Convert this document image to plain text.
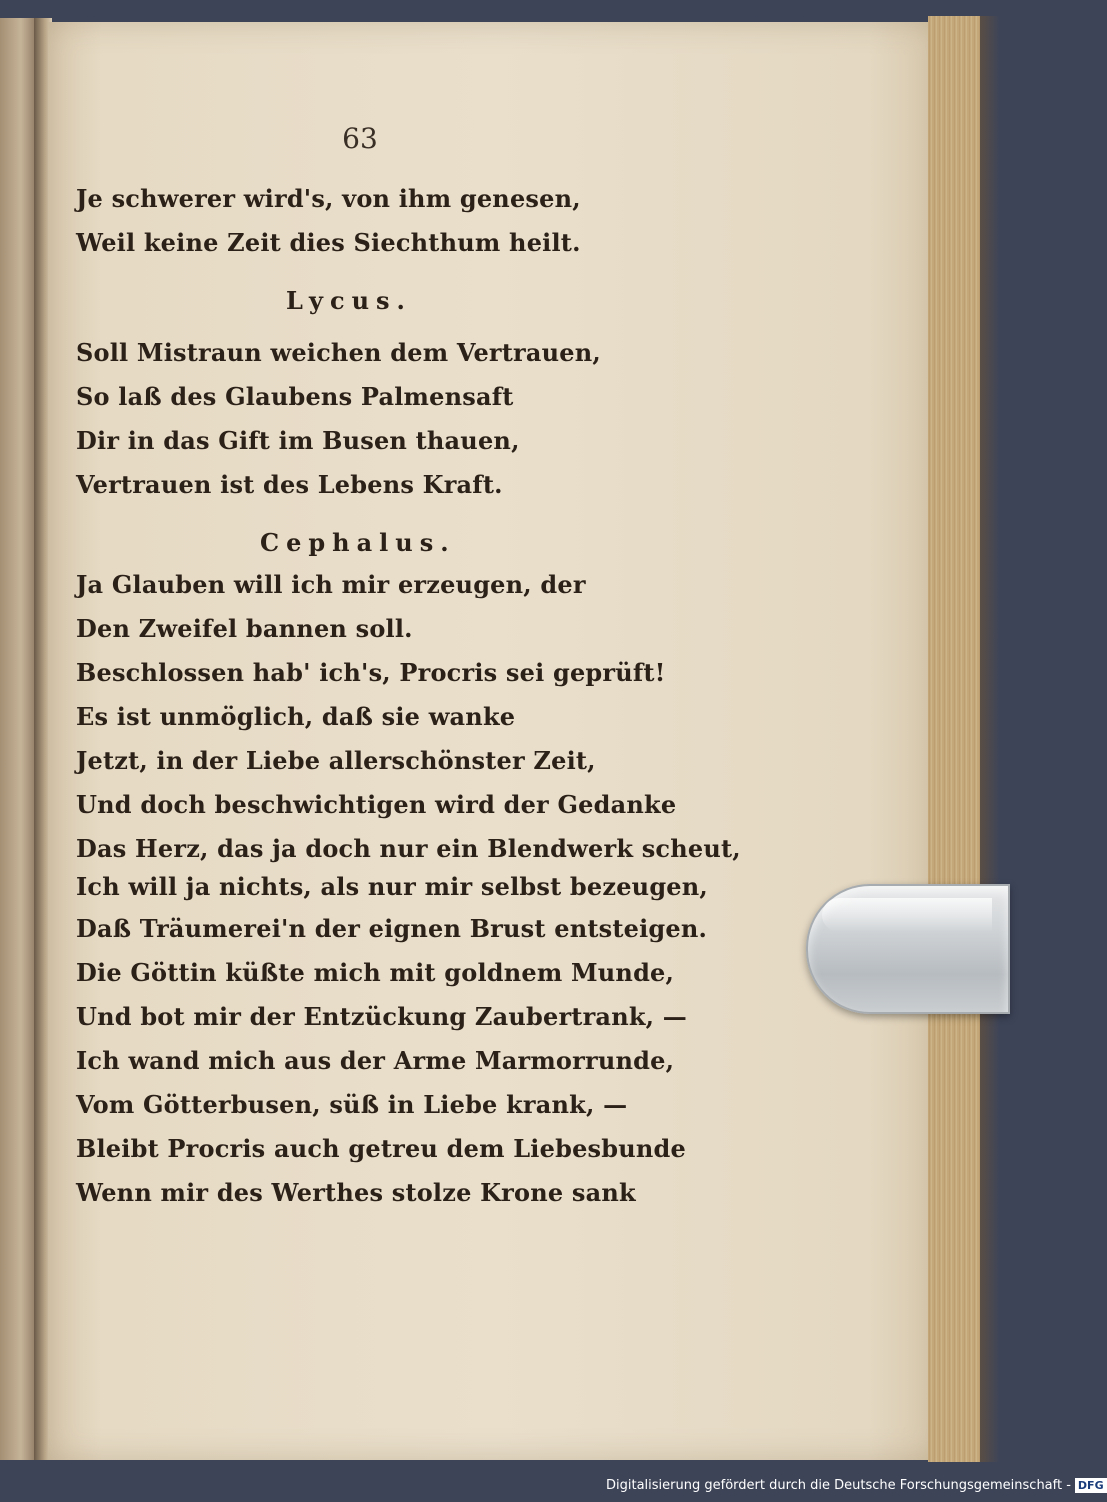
63
Je schwerer wird's, von ihm genesen,
Weil keine Zeit dies Siechthum heilt.
Lycus.
Soll Mistraun weichen dem Vertrauen,
So laß des Glaubens Palmensaft
Dir in das Gift im Busen thauen,
Vertrauen ist des Lebens Kraft.
Cephalus.
Ja Glauben will ich mir erzeugen, der
Den Zweifel bannen soll.
Beschlossen hab' ich's, Procris sei geprüft!
Es ist unmöglich, daß sie wanke
Jetzt, in der Liebe allerschönster Zeit,
Und doch beschwichtigen wird der Gedanke
Das Herz, das ja doch nur ein Blendwerk scheut,
Ich will ja nichts, als nur mir selbst bezeugen,
Daß Träumerei'n der eignen Brust entsteigen.
Die Göttin küßte mich mit goldnem Munde,
Und bot mir der Entzückung Zaubertrank, —
Ich wand mich aus der Arme Marmorrunde,
Vom Götterbusen, süß in Liebe krank, —
Bleibt Procris auch getreu dem Liebesbunde
Wenn mir des Werthes stolze Krone sank
Digitalisierung gefördert durch die Deutsche Forschungsgemeinschaft - DFG
